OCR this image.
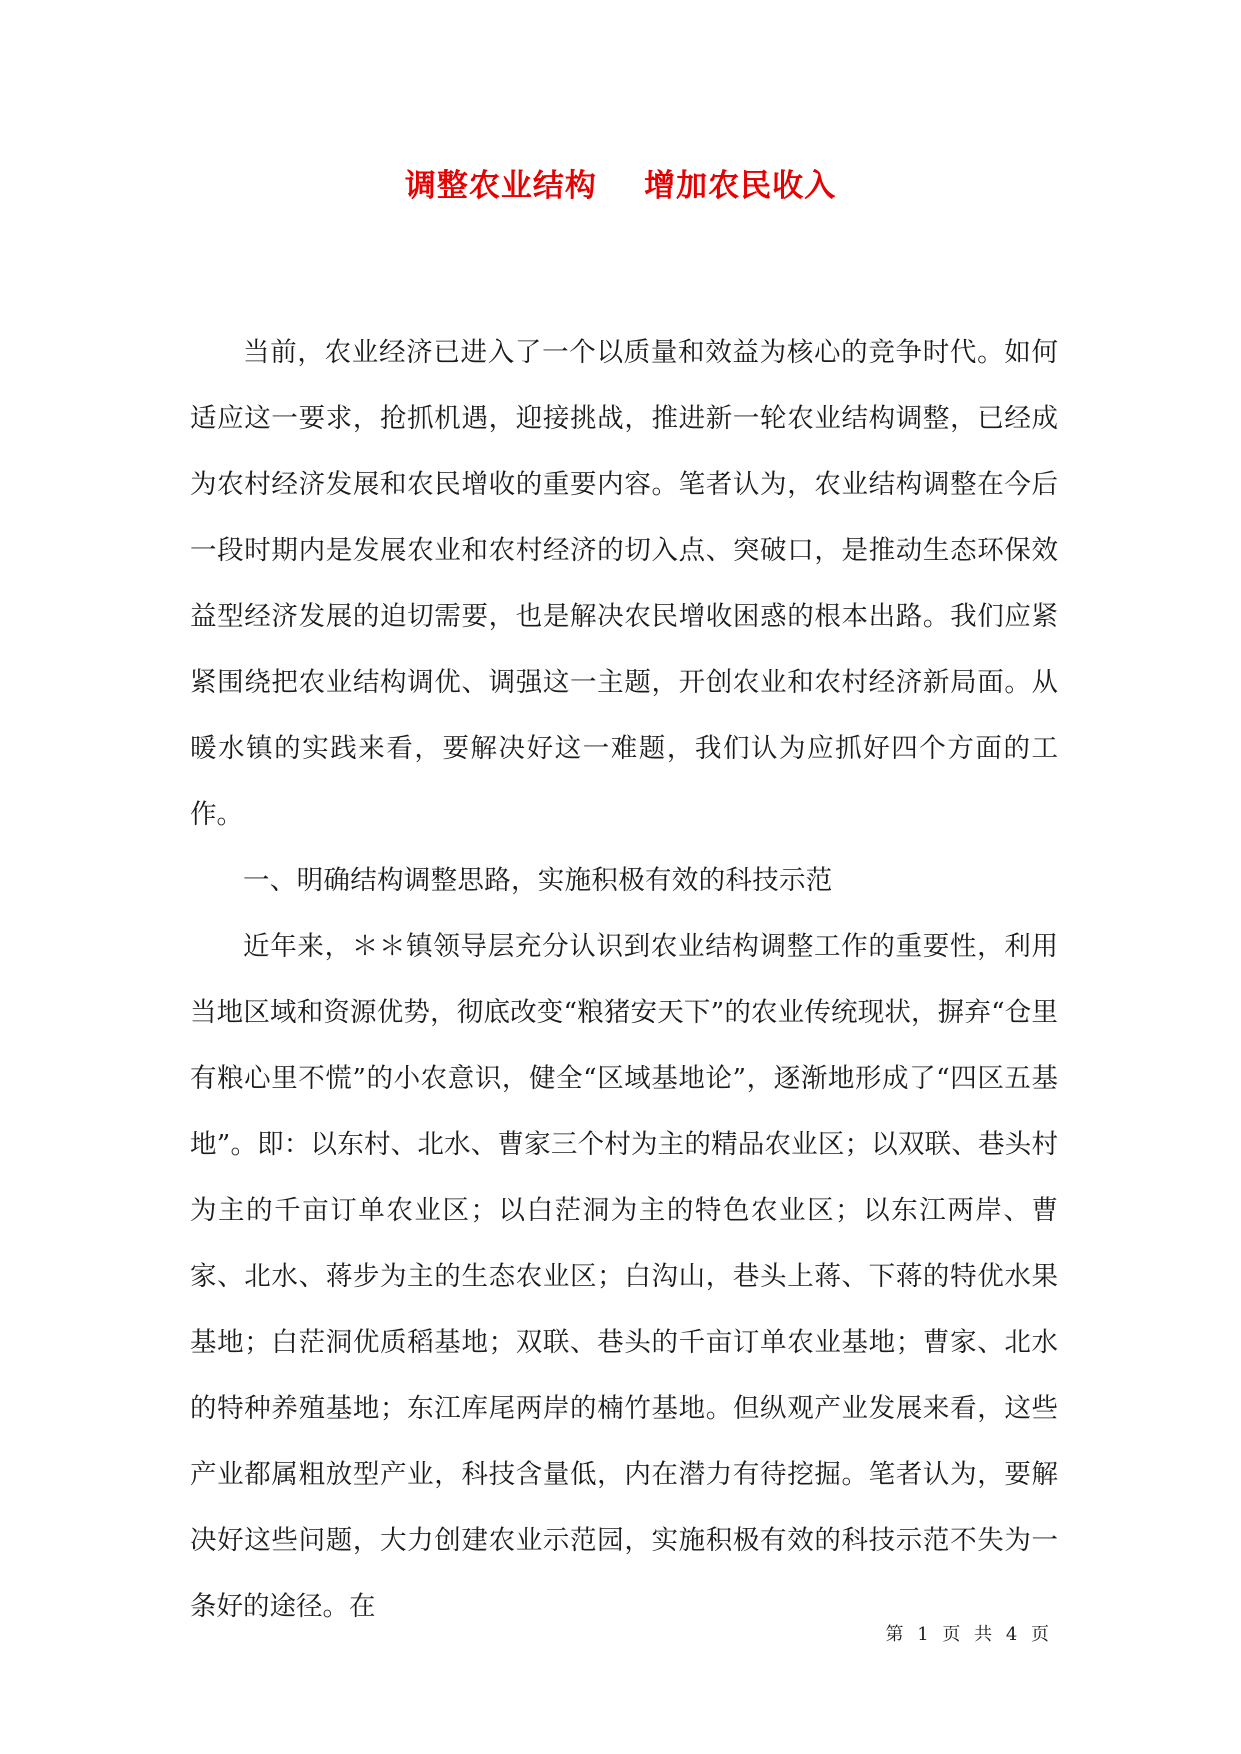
调整农业结构    增加农民收入

当前，农业经济已进入了一个以质量和效益为核心的竞争时代。如何适应这一要求，抢抓机遇，迎接挑战，推进新一轮农业结构调整，已经成为农村经济发展和农民增收的重要内容。笔者认为，农业结构调整在今后一段时期内是发展农业和农村经济的切入点、突破口，是推动生态环保效益型经济发展的迫切需要，也是解决农民增收困惑的根本出路。我们应紧紧围绕把农业结构调优、调强这一主题，开创农业和农村经济新局面。从暖水镇的实践来看，要解决好这一难题，我们认为应抓好四个方面的工作。

一、明确结构调整思路，实施积极有效的科技示范

近年来，＊＊镇领导层充分认识到农业结构调整工作的重要性，利用当地区域和资源优势，彻底改变“粮猪安天下”的农业传统现状，摒弃“仓里有粮心里不慌”的小农意识，健全“区域基地论”，逐渐地形成了“四区五基地”。即：以东村、北水、曹家三个村为主的精品农业区；以双联、巷头村为主的千亩订单农业区；以白茫洞为主的特色农业区；以东江两岸、曹家、北水、蒋步为主的生态农业区；白沟山，巷头上蒋、下蒋的特优水果基地；白茫洞优质稻基地；双联、巷头的千亩订单农业基地；曹家、北水的特种养殖基地；东江库尾两岸的楠竹基地。但纵观产业发展来看，这些产业都属粗放型产业，科技含量低，内在潜力有待挖掘。笔者认为，要解决好这些问题，大力创建农业示范园，实施积极有效的科技示范不失为一条好的途径。在

第 1 页 共 4 页
